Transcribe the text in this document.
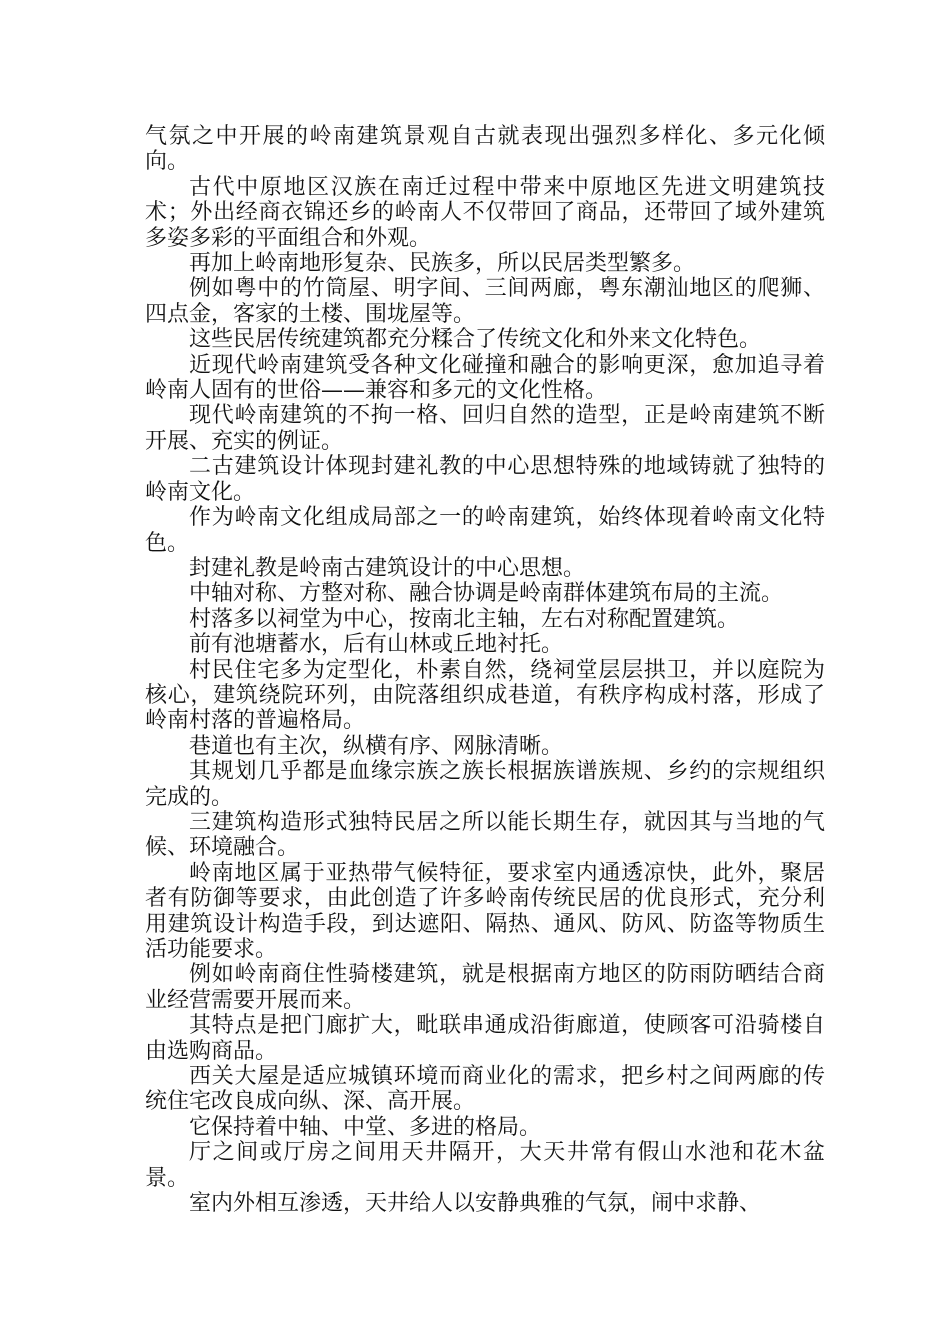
气氛之中开展的岭南建筑景观自古就表现出强烈多样化、多元化倾向。

古代中原地区汉族在南迁过程中带来中原地区先进文明建筑技术；外出经商衣锦还乡的岭南人不仅带回了商品，还带回了域外建筑多姿多彩的平面组合和外观。

再加上岭南地形复杂、民族多，所以民居类型繁多。

例如粤中的竹筒屋、明字间、三间两廊，粤东潮汕地区的爬狮、四点金，客家的土楼、围垅屋等。

这些民居传统建筑都充分糅合了传统文化和外来文化特色。

近现代岭南建筑受各种文化碰撞和融合的影响更深，愈加追寻着岭南人固有的世俗——兼容和多元的文化性格。

现代岭南建筑的不拘一格、回归自然的造型，正是岭南建筑不断开展、充实的例证。

二古建筑设计体现封建礼教的中心思想特殊的地域铸就了独特的岭南文化。

作为岭南文化组成局部之一的岭南建筑，始终体现着岭南文化特色。

封建礼教是岭南古建筑设计的中心思想。

中轴对称、方整对称、融合协调是岭南群体建筑布局的主流。

村落多以祠堂为中心，按南北主轴，左右对称配置建筑。

前有池塘蓄水，后有山林或丘地衬托。

村民住宅多为定型化，朴素自然，绕祠堂层层拱卫，并以庭院为核心，建筑绕院环列，由院落组织成巷道，有秩序构成村落，形成了岭南村落的普遍格局。

巷道也有主次，纵横有序、网脉清晰。

其规划几乎都是血缘宗族之族长根据族谱族规、乡约的宗规组织完成的。

三建筑构造形式独特民居之所以能长期生存，就因其与当地的气候、环境融合。

岭南地区属于亚热带气候特征，要求室内通透凉快，此外，聚居者有防御等要求，由此创造了许多岭南传统民居的优良形式，充分利用建筑设计构造手段，到达遮阳、隔热、通风、防风、防盗等物质生活功能要求。

例如岭南商住性骑楼建筑，就是根据南方地区的防雨防晒结合商业经营需要开展而来。

其特点是把门廊扩大，毗联串通成沿街廊道，使顾客可沿骑楼自由选购商品。

西关大屋是适应城镇环境而商业化的需求，把乡村之间两廊的传统住宅改良成向纵、深、高开展。

它保持着中轴、中堂、多进的格局。

厅之间或厅房之间用天井隔开，大天井常有假山水池和花木盆景。

室内外相互渗透，天井给人以安静典雅的气氛，闹中求静、
